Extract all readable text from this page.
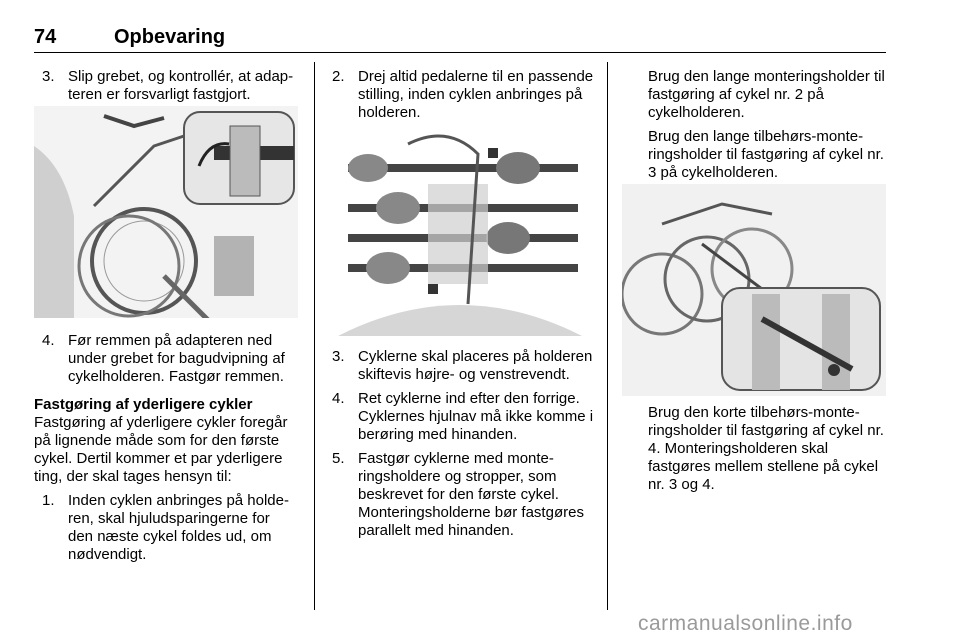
74	Opbevaring
3. Slip grebet, og kontrollér, at adapteren er forsvarligt fastgjort.
4. Før remmen på adapteren ned under grebet for bagudvipning af cykelholderen. Fastgør remmen.

Fastgøring af yderligere cykler

Fastgøring af yderligere cykler foregår på lignende måde som for den første cykel. Dertil kommer et par yderligere ting, der skal tages hensyn til:

1. Inden cyklen anbringes på holderen, skal hjuludsparingerne for den næste cykel foldes ud, om nødvendigt.
2. Drej altid pedalerne til en passende stilling, inden cyklen anbringes på holderen.
3. Cyklerne skal placeres på holderen skiftevis højre- og venstrevendt.
4. Ret cyklerne ind efter den forrige. Cyklernes hjulnav må ikke komme i berøring med hinanden.
5. Fastgør cyklerne med monteringsholdere og stropper, som beskrevet for den første cykel. Monteringsholderne bør fastgøres parallelt med hinanden.

Brug den lange monteringsholder til fastgøring af cykel nr. 2 på cykelholderen.

Brug den lange tilbehørs-monteringsholder til fastgøring af cykel nr. 3 på cykelholderen.

Brug den korte tilbehørs-monteringsholder til fastgøring af cykel nr. 4. Monteringsholderen skal fastgøres mellem stellene på cykel nr. 3 og 4.

carmanualsonline.info
